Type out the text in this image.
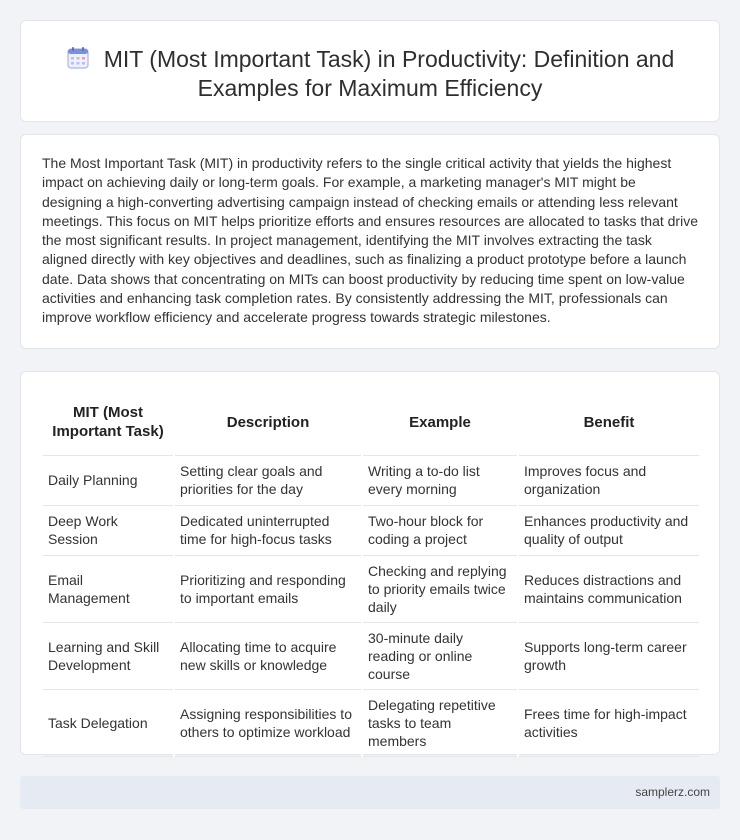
MIT (Most Important Task) in Productivity: Definition and Examples for Maximum Efficiency

The Most Important Task (MIT) in productivity refers to the single critical activity that yields the highest impact on achieving daily or long-term goals. For example, a marketing manager's MIT might be designing a high-converting advertising campaign instead of checking emails or attending less relevant meetings. This focus on MIT helps prioritize efforts and ensures resources are allocated to tasks that drive the most significant results. In project management, identifying the MIT involves extracting the task aligned directly with key objectives and deadlines, such as finalizing a product prototype before a launch date. Data shows that concentrating on MITs can boost productivity by reducing time spent on low-value activities and enhancing task completion rates. By consistently addressing the MIT, professionals can improve workflow efficiency and accelerate progress towards strategic milestones.

MIT (Most Important Task)	Description	Example	Benefit
Daily Planning	Setting clear goals and priorities for the day	Writing a to-do list every morning	Improves focus and organization
Deep Work Session	Dedicated uninterrupted time for high-focus tasks	Two-hour block for coding a project	Enhances productivity and quality of output
Email Management	Prioritizing and responding to important emails	Checking and replying to priority emails twice daily	Reduces distractions and maintains communication
Learning and Skill Development	Allocating time to acquire new skills or knowledge	30-minute daily reading or online course	Supports long-term career growth
Task Delegation	Assigning responsibilities to others to optimize workload	Delegating repetitive tasks to team members	Frees time for high-impact activities
samplerz.com
